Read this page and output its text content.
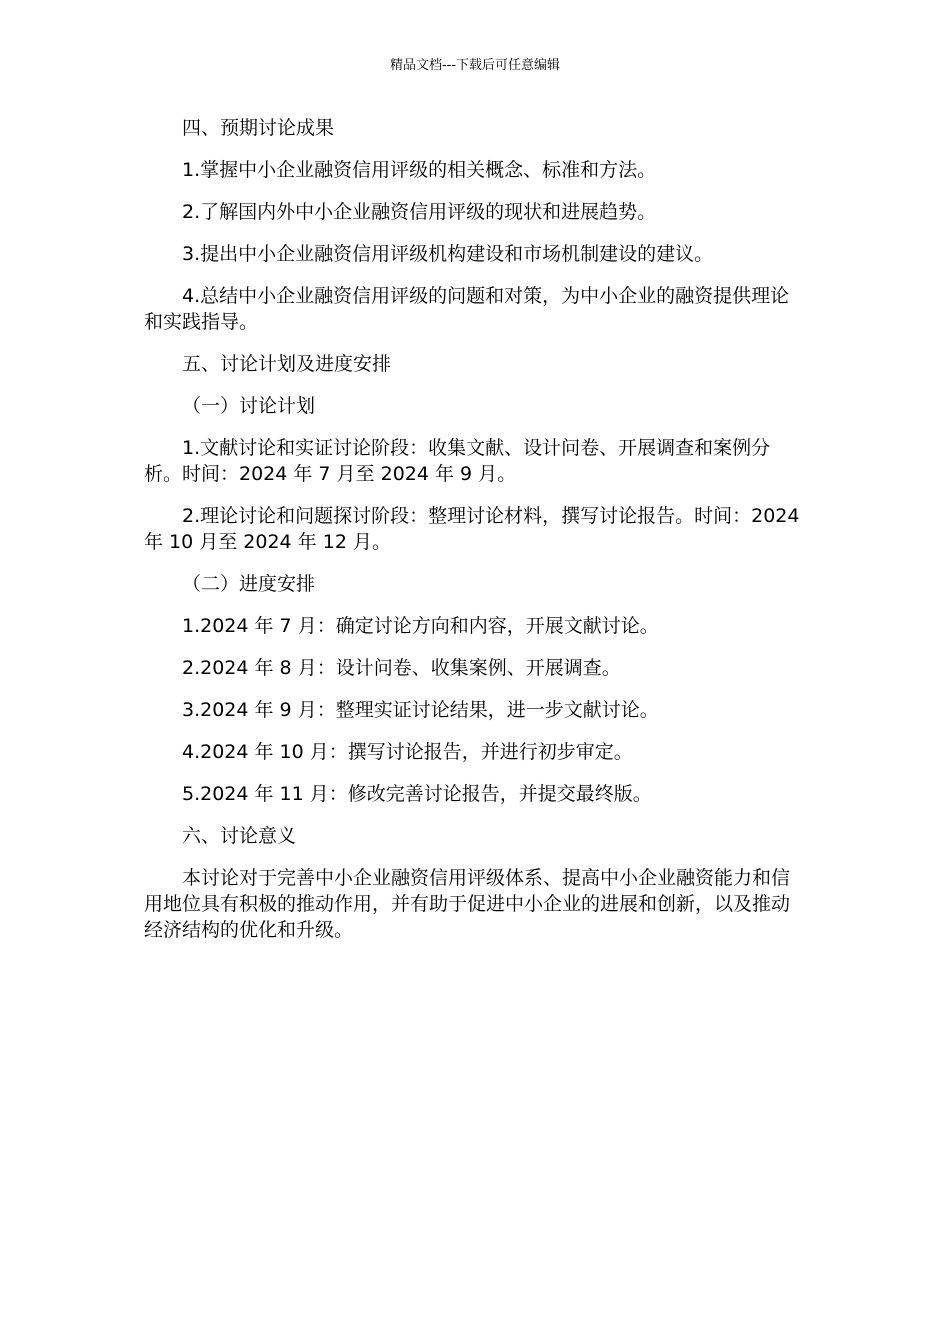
精品文档---下载后可任意编辑

四、预期讨论成果

1.掌握中小企业融资信用评级的相关概念、标准和方法。

2.了解国内外中小企业融资信用评级的现状和进展趋势。

3.提出中小企业融资信用评级机构建设和市场机制建设的建议。

4.总结中小企业融资信用评级的问题和对策，为中小企业的融资提供理论和实践指导。

五、讨论计划及进度安排

（一）讨论计划

1.文献讨论和实证讨论阶段：收集文献、设计问卷、开展调查和案例分析。时间：2024 年 7 月至 2024 年 9 月。

2.理论讨论和问题探讨阶段：整理讨论材料，撰写讨论报告。时间：2024 年 10 月至 2024 年 12 月。

（二）进度安排

1.2024 年 7 月：确定讨论方向和内容，开展文献讨论。

2.2024 年 8 月：设计问卷、收集案例、开展调查。

3.2024 年 9 月：整理实证讨论结果，进一步文献讨论。

4.2024 年 10 月：撰写讨论报告，并进行初步审定。

5.2024 年 11 月：修改完善讨论报告，并提交最终版。

六、讨论意义

本讨论对于完善中小企业融资信用评级体系、提高中小企业融资能力和信用地位具有积极的推动作用，并有助于促进中小企业的进展和创新，以及推动经济结构的优化和升级。
